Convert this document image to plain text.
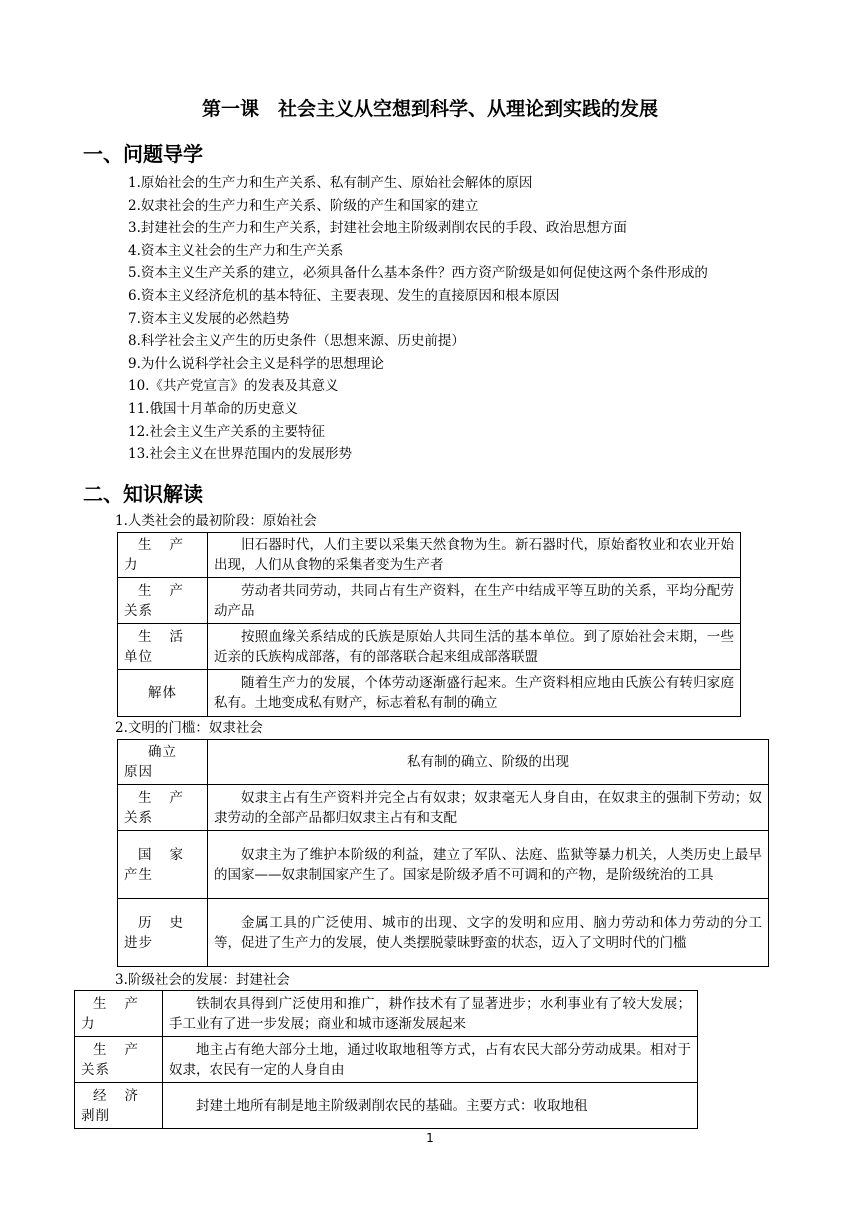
第一课　社会主义从空想到科学、从理论到实践的发展
一、问题导学
1.原始社会的生产力和生产关系、私有制产生、原始社会解体的原因
2.奴隶社会的生产力和生产关系、阶级的产生和国家的建立
3.封建社会的生产力和生产关系，封建社会地主阶级剥削农民的手段、政治思想方面
4.资本主义社会的生产力和生产关系
5.资本主义生产关系的建立，必须具备什么基本条件？西方资产阶级是如何促使这两个条件形成的
6.资本主义经济危机的基本特征、主要表现、发生的直接原因和根本原因
7.资本主义发展的必然趋势
8.科学社会主义产生的历史条件（思想来源、历史前提）
9.为什么说科学社会主义是科学的思想理论
10.《共产党宣言》的发表及其意义
11.俄国十月革命的历史意义
12.社会主义生产关系的主要特征
13.社会主义在世界范围内的发展形势
二、知识解读
1.人类社会的最初阶段：原始社会
生产
力	旧石器时代，人们主要以采集天然食物为生。新石器时代，原始畜牧业和农业开始出现，人们从食物的采集者变为生产者

生产
关系	劳动者共同劳动，共同占有生产资料，在生产中结成平等互助的关系，平均分配劳动产品

生活
单位	按照血缘关系结成的氏族是原始人共同生活的基本单位。到了原始社会末期，一些近亲的氏族构成部落，有的部落联合起来组成部落联盟
解体	随着生产力的发展，个体劳动逐渐盛行起来。生产资料相应地由氏族公有转归家庭私有。土地变成私有财产，标志着私有制的确立
2.文明的门槛：奴隶社会
确立
原因	私有制的确立、阶级的出现

生产
关系	奴隶主占有生产资料并完全占有奴隶；奴隶毫无人身自由，在奴隶主的强制下劳动；奴隶劳动的全部产品都归奴隶主占有和支配

国家
产生	奴隶主为了维护本阶级的利益，建立了军队、法庭、监狱等暴力机关，人类历史上最早的国家——奴隶制国家产生了。国家是阶级矛盾不可调和的产物，是阶级统治的工具

历史
进步	金属工具的广泛使用、城市的出现、文字的发明和应用、脑力劳动和体力劳动的分工等，促进了生产力的发展，使人类摆脱蒙昧野蛮的状态，迈入了文明时代的门槛
3.阶级社会的发展：封建社会
生产
力	铁制农具得到广泛使用和推广，耕作技术有了显著进步；水利事业有了较大发展；手工业有了进一步发展；商业和城市逐渐发展起来

生产
关系	地主占有绝大部分土地，通过收取地租等方式，占有农民大部分劳动成果。相对于奴隶，农民有一定的人身自由

经济
剥削	封建土地所有制是地主阶级剥削农民的基础。主要方式：收取地租
1
